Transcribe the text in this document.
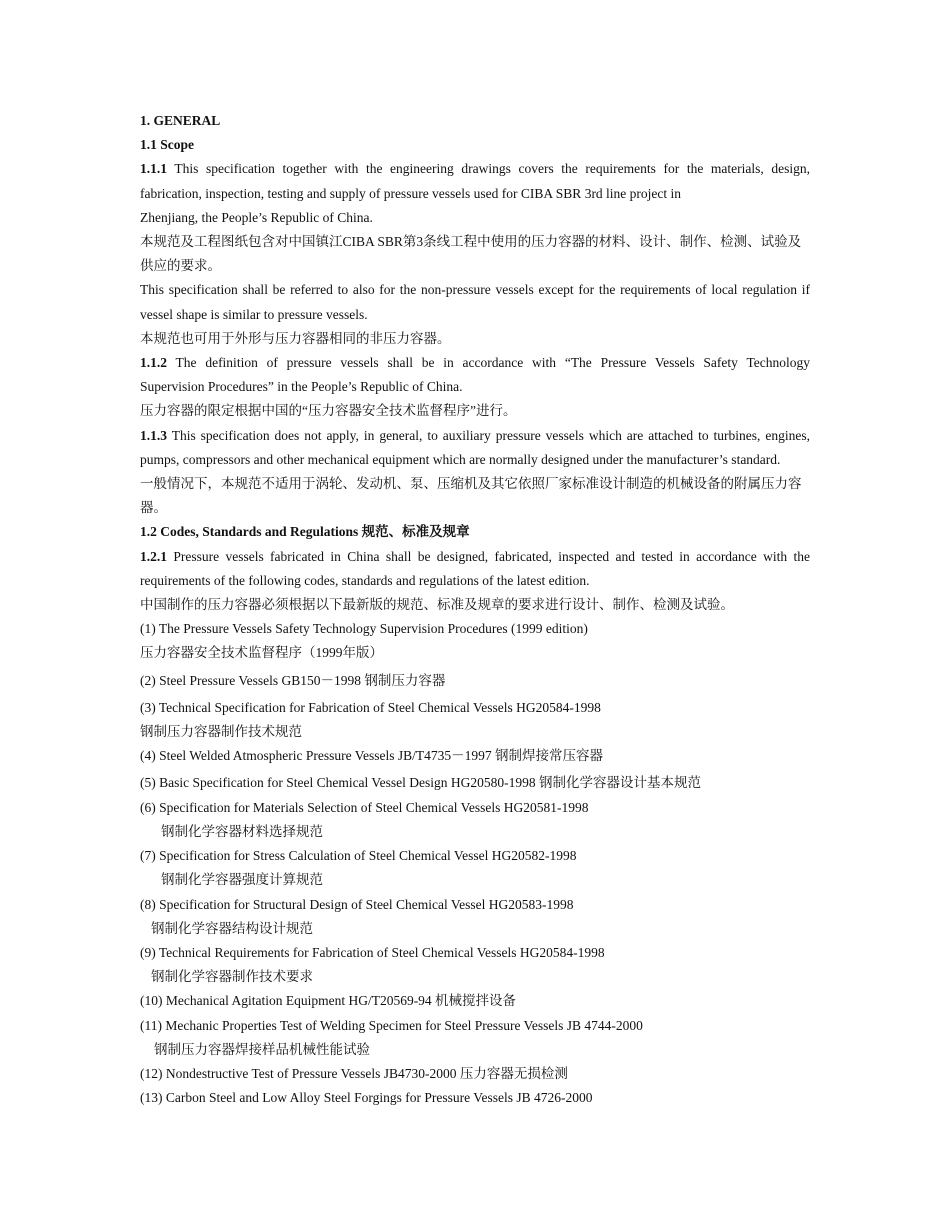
1. GENERAL

1.1 Scope

1.1.1 This specification together with the engineering drawings covers the requirements for the materials, design,

fabrication, inspection, testing and supply of pressure vessels used for CIBA SBR 3rd line project in

Zhenjiang, the People’s Republic of China.

本规范及工程图纸包含对中国镇江CIBA SBR第3条线工程中使用的压力容器的材料、设计、制作、检测、试验及

供应的要求。

This specification shall be referred to also for the non-pressure vessels except for the requirements of local regulation if

vessel shape is similar to pressure vessels.

本规范也可用于外形与压力容器相同的非压力容器。

1.1.2 The definition of pressure vessels shall be in accordance with “The Pressure Vessels Safety Technology

Supervision Procedures” in the People’s Republic of China.

压力容器的限定根据中国的“压力容器安全技术监督程序”进行。

1.1.3 This specification does not apply, in general, to auxiliary pressure vessels which are attached to turbines, engines,

pumps, compressors and other mechanical equipment which are normally designed under the manufacturer’s standard.

一般情况下，本规范不适用于涡轮、发动机、泵、压缩机及其它依照厂家标准设计制造的机械设备的附属压力容

器。

1.2 Codes, Standards and Regulations 规范、标准及规章

1.2.1 Pressure vessels fabricated in China shall be designed, fabricated, inspected and tested in accordance with the

requirements of the following codes, standards and regulations of the latest edition.

中国制作的压力容器必须根据以下最新版的规范、标准及规章的要求进行设计、制作、检测及试验。

(1) The Pressure Vessels Safety Technology Supervision Procedures (1999 edition)

压力容器安全技术监督程序（1999年版）

(2) Steel Pressure Vessels GB150－1998 钢制压力容器

(3) Technical Specification for Fabrication of Steel Chemical Vessels HG20584-1998

钢制压力容器制作技术规范

(4) Steel Welded Atmospheric Pressure Vessels JB/T4735－1997 钢制焊接常压容器

(5) Basic Specification for Steel Chemical Vessel Design HG20580-1998 钢制化学容器设计基本规范

(6) Specification for Materials Selection of Steel Chemical Vessels HG20581-1998

钢制化学容器材料选择规范

(7) Specification for Stress Calculation of Steel Chemical Vessel HG20582-1998

钢制化学容器强度计算规范

(8) Specification for Structural Design of Steel Chemical Vessel HG20583-1998

钢制化学容器结构设计规范

(9) Technical Requirements for Fabrication of Steel Chemical Vessels HG20584-1998

钢制化学容器制作技术要求

(10) Mechanical Agitation Equipment HG/T20569-94 机械搅拌设备

(11) Mechanic Properties Test of Welding Specimen for Steel Pressure Vessels JB 4744-2000

钢制压力容器焊接样品机械性能试验

(12) Nondestructive Test of Pressure Vessels JB4730-2000 压力容器无损检测

(13) Carbon Steel and Low Alloy Steel Forgings for Pressure Vessels JB 4726-2000
